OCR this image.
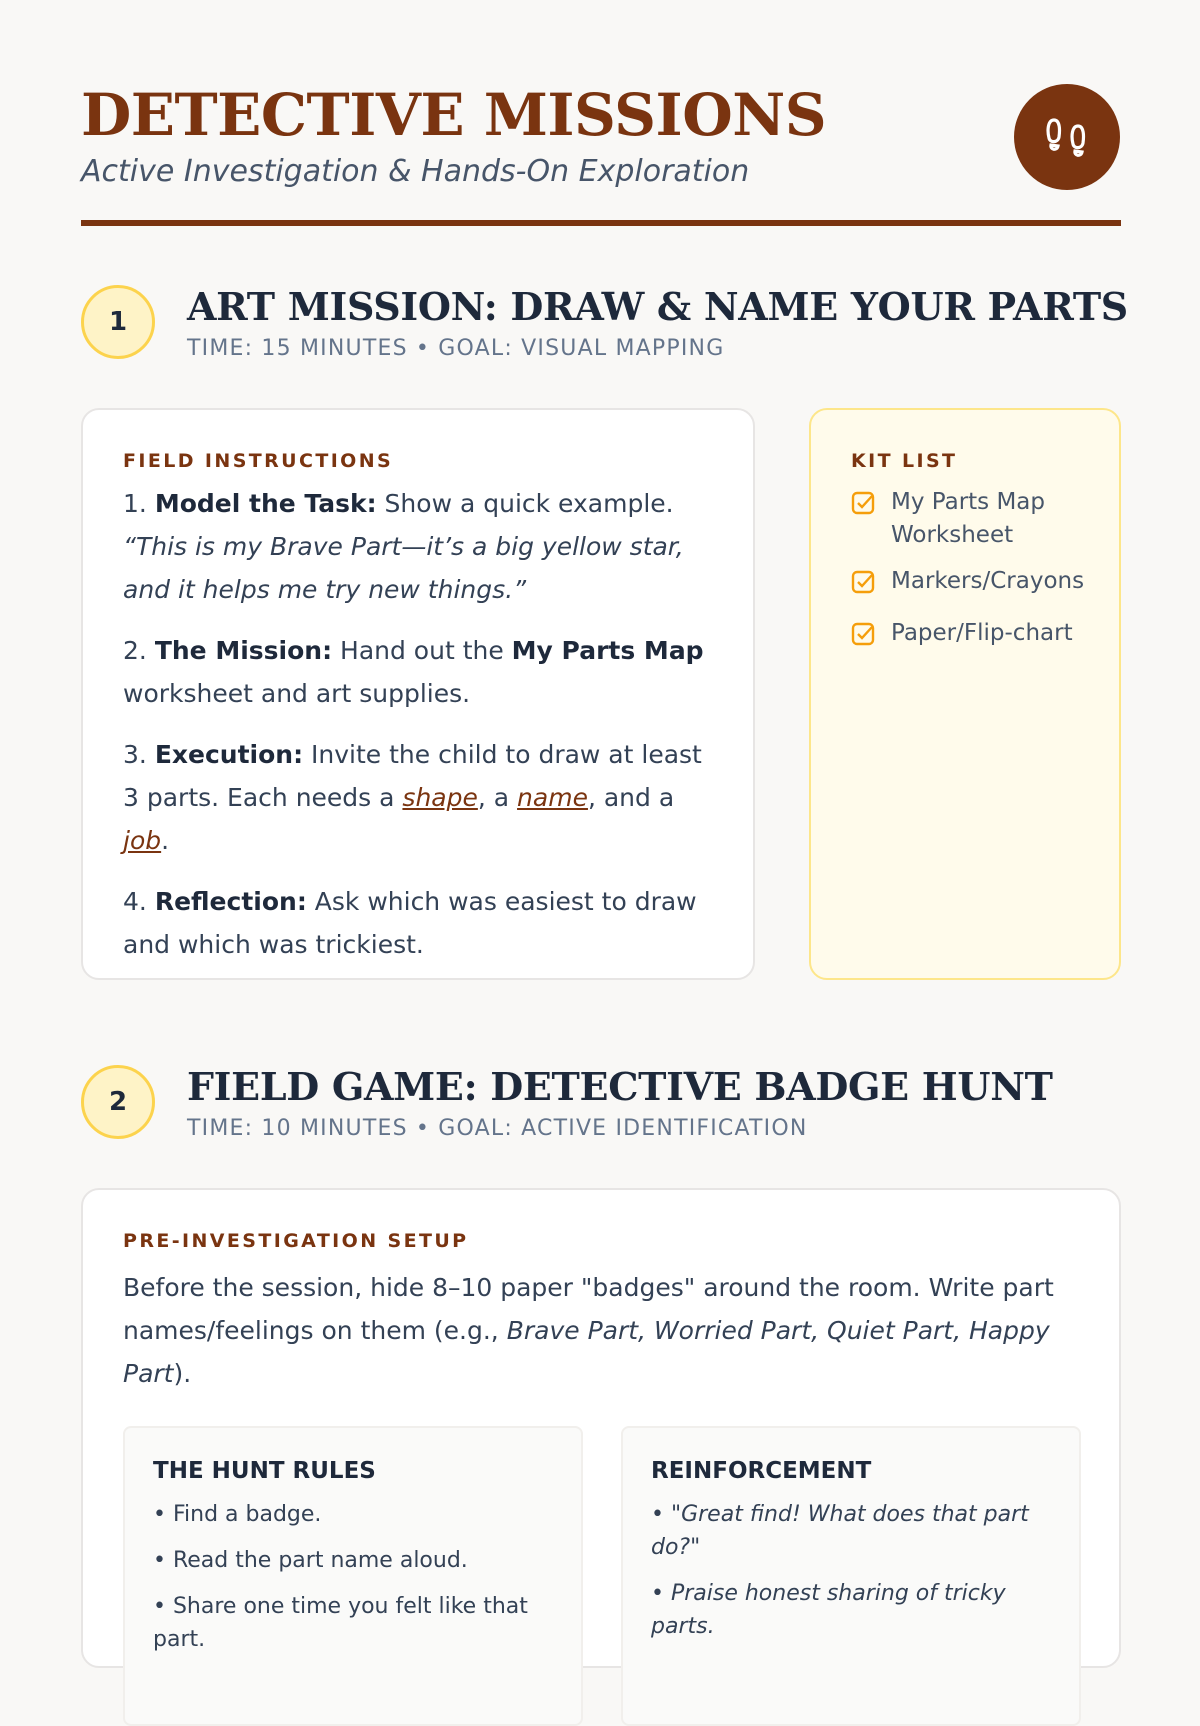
DETECTIVE MISSIONS
Active Investigation & Hands-On Exploration
1	ART MISSION: DRAW & NAME YOUR PARTS
TIME: 15 MINUTES • GOAL: VISUAL MAPPING
FIELD INSTRUCTIONS

1. Model the Task: Show a quick example. “This is my Brave Part—it’s a big yellow star, and it helps me try new things.”

2. The Mission: Hand out the My Parts Map worksheet and art supplies.

3. Execution: Invite the child to draw at least 3 parts. Each needs a shape, a name, and a job.

4. Reflection: Ask which was easiest to draw and which was trickiest.

KIT LIST
My Parts Map Worksheet
Markers/Crayons
Paper/Flip-chart
2	FIELD GAME: DETECTIVE BADGE HUNT
TIME: 10 MINUTES • GOAL: ACTIVE IDENTIFICATION
PRE-INVESTIGATION SETUP

Before the session, hide 8–10 paper "badges" around the room. Write part names/feelings on them (e.g., Brave Part, Worried Part, Quiet Part, Happy Part).

THE HUNT RULES
• Find a badge.
• Read the part name aloud.
• Share one time you felt like that part.
REINFORCEMENT
• "Great find! What does that part do?"
• Praise honest sharing of tricky parts.
